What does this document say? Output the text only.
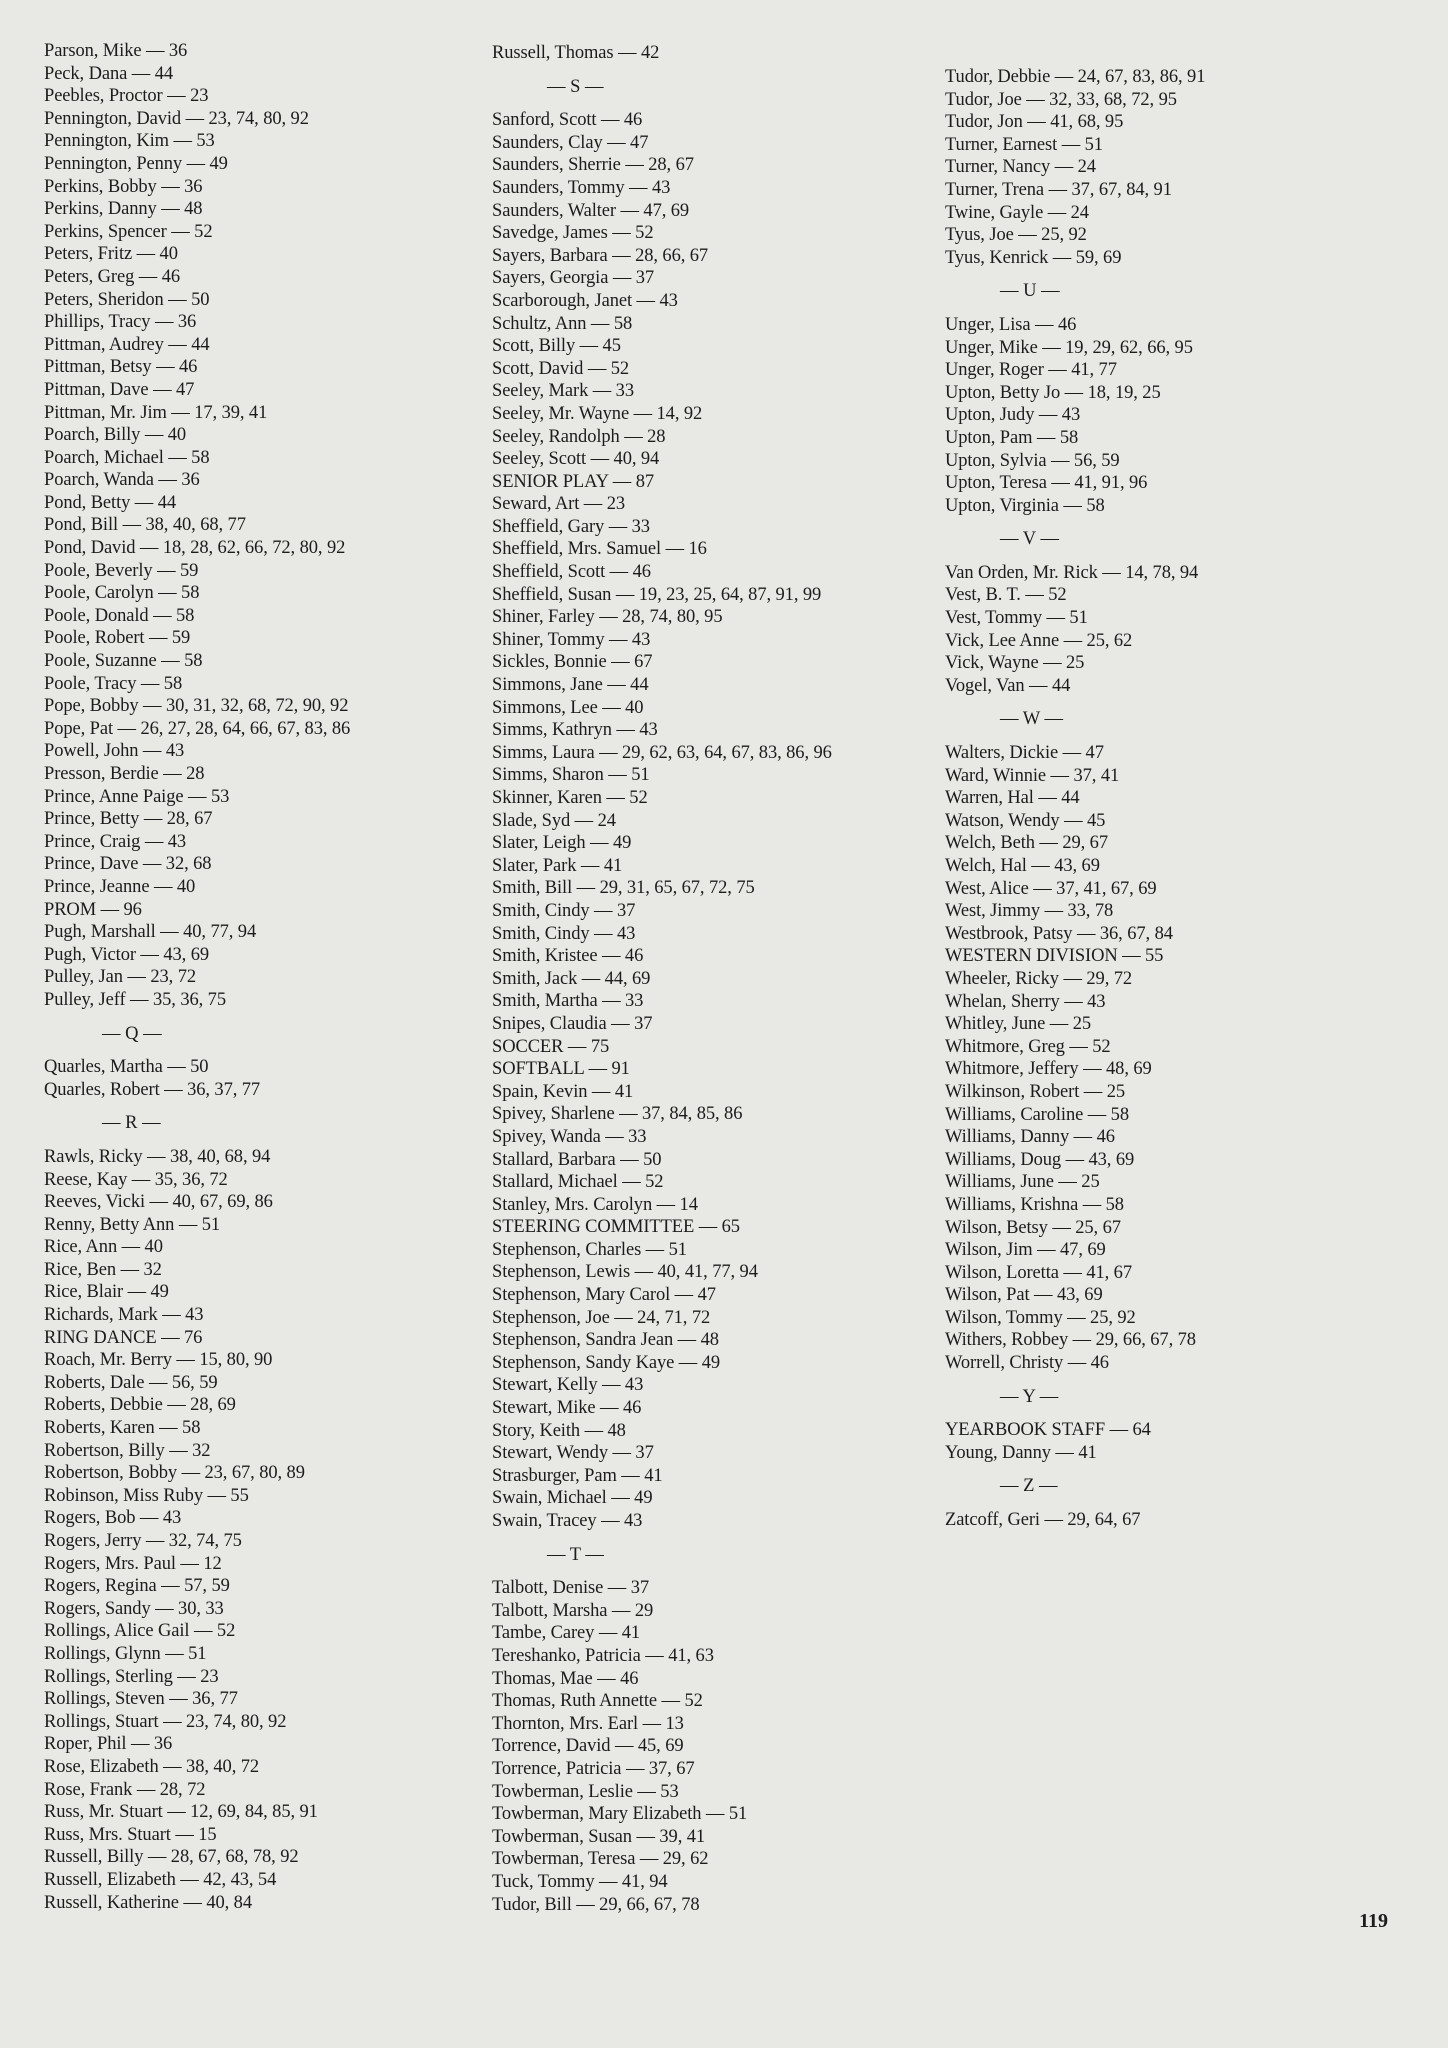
Parson, Mike — 36
Peck, Dana — 44
Peebles, Proctor — 23
Pennington, David — 23, 74, 80, 92
Pennington, Kim — 53
Pennington, Penny — 49
Perkins, Bobby — 36
Perkins, Danny — 48
Perkins, Spencer — 52
Peters, Fritz — 40
Peters, Greg — 46
Peters, Sheridon — 50
Phillips, Tracy — 36
Pittman, Audrey — 44
Pittman, Betsy — 46
Pittman, Dave — 47
Pittman, Mr. Jim — 17, 39, 41
Poarch, Billy — 40
Poarch, Michael — 58
Poarch, Wanda — 36
Pond, Betty — 44
Pond, Bill — 38, 40, 68, 77
Pond, David — 18, 28, 62, 66, 72, 80, 92
Poole, Beverly — 59
Poole, Carolyn — 58
Poole, Donald — 58
Poole, Robert — 59
Poole, Suzanne — 58
Poole, Tracy — 58
Pope, Bobby — 30, 31, 32, 68, 72, 90, 92
Pope, Pat — 26, 27, 28, 64, 66, 67, 83, 86
Powell, John — 43
Presson, Berdie — 28
Prince, Anne Paige — 53
Prince, Betty — 28, 67
Prince, Craig — 43
Prince, Dave — 32, 68
Prince, Jeanne — 40
PROM — 96
Pugh, Marshall — 40, 77, 94
Pugh, Victor — 43, 69
Pulley, Jan — 23, 72
Pulley, Jeff — 35, 36, 75
— Q —
Quarles, Martha — 50
Quarles, Robert — 36, 37, 77
— R —
Rawls, Ricky — 38, 40, 68, 94
Reese, Kay — 35, 36, 72
Reeves, Vicki — 40, 67, 69, 86
Renny, Betty Ann — 51
Rice, Ann — 40
Rice, Ben — 32
Rice, Blair — 49
Richards, Mark — 43
RING DANCE — 76
Roach, Mr. Berry — 15, 80, 90
Roberts, Dale — 56, 59
Roberts, Debbie — 28, 69
Roberts, Karen — 58
Robertson, Billy — 32
Robertson, Bobby — 23, 67, 80, 89
Robinson, Miss Ruby — 55
Rogers, Bob — 43
Rogers, Jerry — 32, 74, 75
Rogers, Mrs. Paul — 12
Rogers, Regina — 57, 59
Rogers, Sandy — 30, 33
Rollings, Alice Gail — 52
Rollings, Glynn — 51
Rollings, Sterling — 23
Rollings, Steven — 36, 77
Rollings, Stuart — 23, 74, 80, 92
Roper, Phil — 36
Rose, Elizabeth — 38, 40, 72
Rose, Frank — 28, 72
Russ, Mr. Stuart — 12, 69, 84, 85, 91
Russ, Mrs. Stuart — 15
Russell, Billy — 28, 67, 68, 78, 92
Russell, Elizabeth — 42, 43, 54
Russell, Katherine — 40, 84
Russell, Thomas — 42
— S —
Sanford, Scott — 46
Saunders, Clay — 47
Saunders, Sherrie — 28, 67
Saunders, Tommy — 43
Saunders, Walter — 47, 69
Savedge, James — 52
Sayers, Barbara — 28, 66, 67
Sayers, Georgia — 37
Scarborough, Janet — 43
Schultz, Ann — 58
Scott, Billy — 45
Scott, David — 52
Seeley, Mark — 33
Seeley, Mr. Wayne — 14, 92
Seeley, Randolph — 28
Seeley, Scott — 40, 94
SENIOR PLAY — 87
Seward, Art — 23
Sheffield, Gary — 33
Sheffield, Mrs. Samuel — 16
Sheffield, Scott — 46
Sheffield, Susan — 19, 23, 25, 64, 87, 91, 99
Shiner, Farley — 28, 74, 80, 95
Shiner, Tommy — 43
Sickles, Bonnie — 67
Simmons, Jane — 44
Simmons, Lee — 40
Simms, Kathryn — 43
Simms, Laura — 29, 62, 63, 64, 67, 83, 86, 96
Simms, Sharon — 51
Skinner, Karen — 52
Slade, Syd — 24
Slater, Leigh — 49
Slater, Park — 41
Smith, Bill — 29, 31, 65, 67, 72, 75
Smith, Cindy — 37
Smith, Cindy — 43
Smith, Kristee — 46
Smith, Jack — 44, 69
Smith, Martha — 33
Snipes, Claudia — 37
SOCCER — 75
SOFTBALL — 91
Spain, Kevin — 41
Spivey, Sharlene — 37, 84, 85, 86
Spivey, Wanda — 33
Stallard, Barbara — 50
Stallard, Michael — 52
Stanley, Mrs. Carolyn — 14
STEERING COMMITTEE — 65
Stephenson, Charles — 51
Stephenson, Lewis — 40, 41, 77, 94
Stephenson, Mary Carol — 47
Stephenson, Joe — 24, 71, 72
Stephenson, Sandra Jean — 48
Stephenson, Sandy Kaye — 49
Stewart, Kelly — 43
Stewart, Mike — 46
Story, Keith — 48
Stewart, Wendy — 37
Strasburger, Pam — 41
Swain, Michael — 49
Swain, Tracey — 43
— T —
Talbott, Denise — 37
Talbott, Marsha — 29
Tambe, Carey — 41
Tereshanko, Patricia — 41, 63
Thomas, Mae — 46
Thomas, Ruth Annette — 52
Thornton, Mrs. Earl — 13
Torrence, David — 45, 69
Torrence, Patricia — 37, 67
Towberman, Leslie — 53
Towberman, Mary Elizabeth — 51
Towberman, Susan — 39, 41
Towberman, Teresa — 29, 62
Tuck, Tommy — 41, 94
Tudor, Bill — 29, 66, 67, 78
Tudor, Debbie — 24, 67, 83, 86, 91
Tudor, Joe — 32, 33, 68, 72, 95
Tudor, Jon — 41, 68, 95
Turner, Earnest — 51
Turner, Nancy — 24
Turner, Trena — 37, 67, 84, 91
Twine, Gayle — 24
Tyus, Joe — 25, 92
Tyus, Kenrick — 59, 69
— U —
Unger, Lisa — 46
Unger, Mike — 19, 29, 62, 66, 95
Unger, Roger — 41, 77
Upton, Betty Jo — 18, 19, 25
Upton, Judy — 43
Upton, Pam — 58
Upton, Sylvia — 56, 59
Upton, Teresa — 41, 91, 96
Upton, Virginia — 58
— V —
Van Orden, Mr. Rick — 14, 78, 94
Vest, B. T. — 52
Vest, Tommy — 51
Vick, Lee Anne — 25, 62
Vick, Wayne — 25
Vogel, Van — 44
— W —
Walters, Dickie — 47
Ward, Winnie — 37, 41
Warren, Hal — 44
Watson, Wendy — 45
Welch, Beth — 29, 67
Welch, Hal — 43, 69
West, Alice — 37, 41, 67, 69
West, Jimmy — 33, 78
Westbrook, Patsy — 36, 67, 84
WESTERN DIVISION — 55
Wheeler, Ricky — 29, 72
Whelan, Sherry — 43
Whitley, June — 25
Whitmore, Greg — 52
Whitmore, Jeffery — 48, 69
Wilkinson, Robert — 25
Williams, Caroline — 58
Williams, Danny — 46
Williams, Doug — 43, 69
Williams, June — 25
Williams, Krishna — 58
Wilson, Betsy — 25, 67
Wilson, Jim — 47, 69
Wilson, Loretta — 41, 67
Wilson, Pat — 43, 69
Wilson, Tommy — 25, 92
Withers, Robbey — 29, 66, 67, 78
Worrell, Christy — 46
— Y —
YEARBOOK STAFF — 64
Young, Danny — 41
— Z —
Zatcoff, Geri — 29, 64, 67
119
